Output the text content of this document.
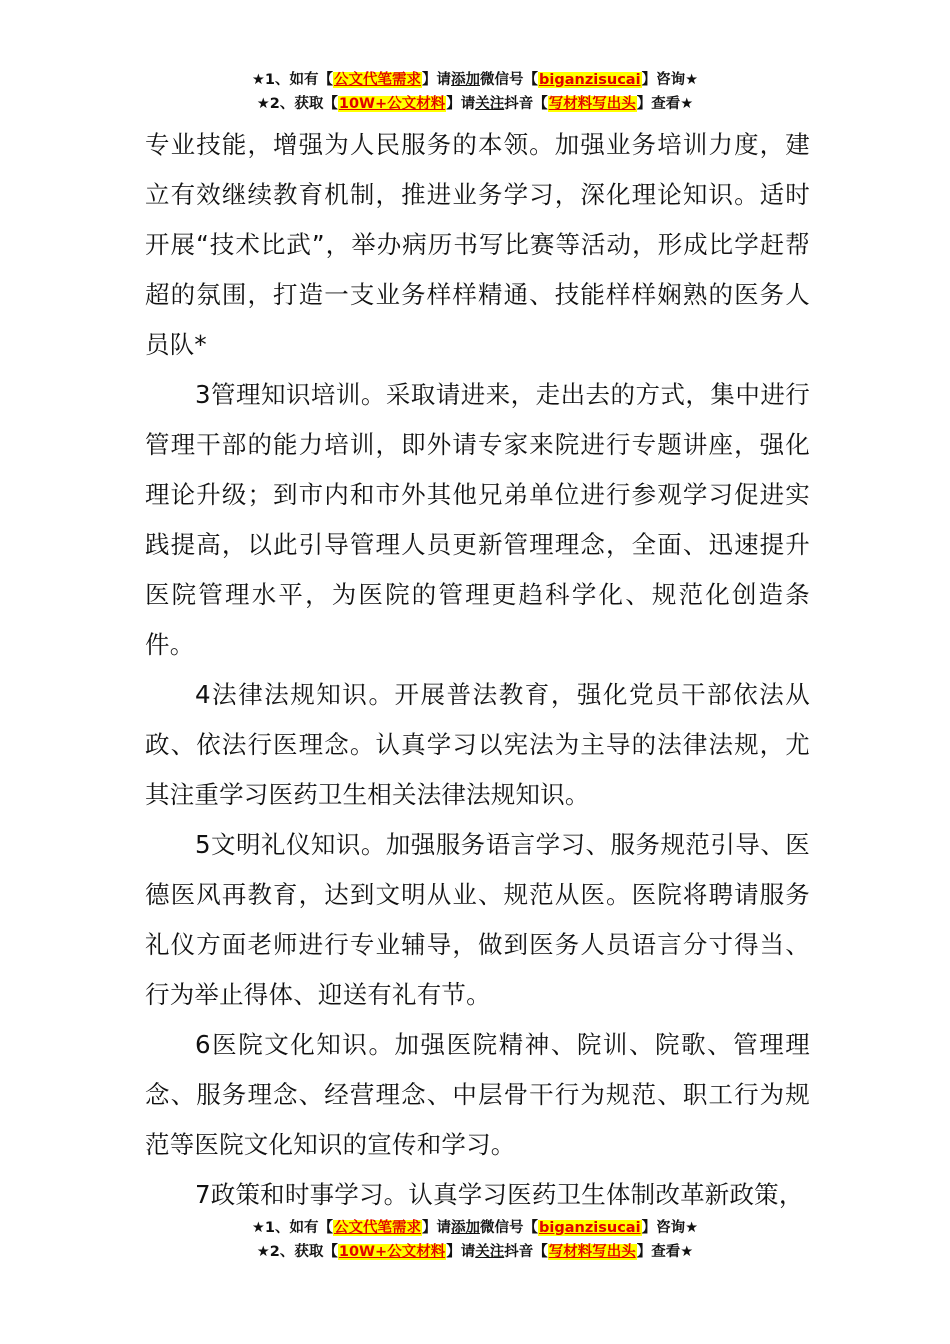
★1、如有【公文代笔需求】请添加微信号【biganzisucai】咨询★
★2、获取【10W+公文材料】请关注抖音【写材料写出头】查看★

专业技能，增强为人民服务的本领。加强业务培训力度，建立有效继续教育机制，推进业务学习，深化理论知识。适时开展“技术比武”，举办病历书写比赛等活动，形成比学赶帮超的氛围，打造一支业务样样精通、技能样样娴熟的医务人员队*

3管理知识培训。采取请进来，走出去的方式，集中进行管理干部的能力培训，即外请专家来院进行专题讲座，强化理论升级；到市内和市外其他兄弟单位进行参观学习促进实践提高，以此引导管理人员更新管理理念，全面、迅速提升医院管理水平，为医院的管理更趋科学化、规范化创造条件。

4法律法规知识。开展普法教育，强化党员干部依法从政、依法行医理念。认真学习以宪法为主导的法律法规，尤其注重学习医药卫生相关法律法规知识。

5文明礼仪知识。加强服务语言学习、服务规范引导、医德医风再教育，达到文明从业、规范从医。医院将聘请服务礼仪方面老师进行专业辅导，做到医务人员语言分寸得当、行为举止得体、迎送有礼有节。

6医院文化知识。加强医院精神、院训、院歌、管理理念、服务理念、经营理念、中层骨干行为规范、职工行为规范等医院文化知识的宣传和学习。

7政策和时事学习。认真学习医药卫生体制改革新政策，

★1、如有【公文代笔需求】请添加微信号【biganzisucai】咨询★
★2、获取【10W+公文材料】请关注抖音【写材料写出头】查看★
